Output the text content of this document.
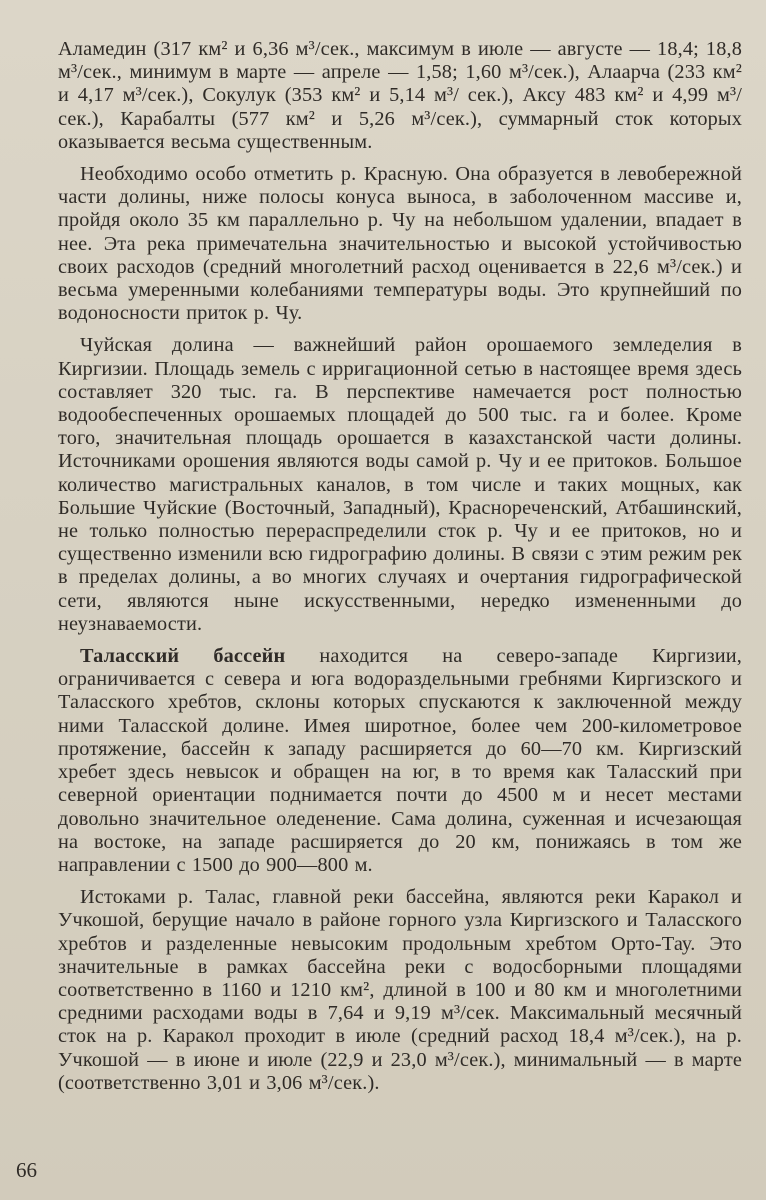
Аламедин (317 км² и 6,36 м³/сек., максимум в июле — августе — 18,4; 18,8 м³/сек., минимум в марте — апреле — 1,58; 1,60 м³/сек.), Алаарча (233 км² и 4,17 м³/сек.), Сокулук (353 км² и 5,14 м³/ сек.), Аксу 483 км² и 4,99 м³/сек.), Карабалты (577 км² и 5,26 м³/сек.), суммарный сток которых оказывается весьма существенным.

Необходимо особо отметить р. Красную. Она образуется в левобережной части долины, ниже полосы конуса выноса, в заболоченном массиве и, пройдя около 35 км параллельно р. Чу на небольшом удалении, впадает в нее. Эта река примечательна значительностью и высокой устойчивостью своих расходов (средний многолетний расход оценивается в 22,6 м³/сек.) и весьма умеренными колебаниями температуры воды. Это крупнейший по водоносности приток р. Чу.

Чуйская долина — важнейший район орошаемого земледелия в Киргизии. Площадь земель с ирригационной сетью в настоящее время здесь составляет 320 тыс. га. В перспективе намечается рост полностью водообеспеченных орошаемых площадей до 500 тыс. га и более. Кроме того, значительная площадь орошается в казахстанской части долины. Источниками орошения являются воды самой р. Чу и ее притоков. Большое количество магистральных каналов, в том числе и таких мощных, как Большие Чуйские (Восточный, Западный), Краснореченский, Атбашинский, не только полностью перераспределили сток р. Чу и ее притоков, но и существенно изменили всю гидрографию долины. В связи с этим режим рек в пределах долины, а во многих случаях и очертания гидрографической сети, являются ныне искусственными, нередко измененными до неузнаваемости.

Таласский бассейн находится на северо-западе Киргизии, ограничивается с севера и юга водораздельными гребнями Киргизского и Таласского хребтов, склоны которых спускаются к заключенной между ними Таласской долине. Имея широтное, более чем 200-километровое протяжение, бассейн к западу расширяется до 60—70 км. Киргизский хребет здесь невысок и обращен на юг, в то время как Таласский при северной ориентации поднимается почти до 4500 м и несет местами довольно значительное оледенение. Сама долина, суженная и исчезающая на востоке, на западе расширяется до 20 км, понижаясь в том же направлении с 1500 до 900—800 м.

Истоками р. Талас, главной реки бассейна, являются реки Каракол и Учкошой, берущие начало в районе горного узла Киргизского и Таласского хребтов и разделенные невысоким продольным хребтом Орто-Тау. Это значительные в рамках бассейна реки с водосборными площадями соответственно в 1160 и 1210 км², длиной в 100 и 80 км и многолетними средними расходами воды в 7,64 и 9,19 м³/сек. Максимальный месячный сток на р. Каракол проходит в июле (средний расход 18,4 м³/сек.), на р. Учкошой — в июне и июле (22,9 и 23,0 м³/сек.), минимальный — в марте (соответственно 3,01 и 3,06 м³/сек.).

66
